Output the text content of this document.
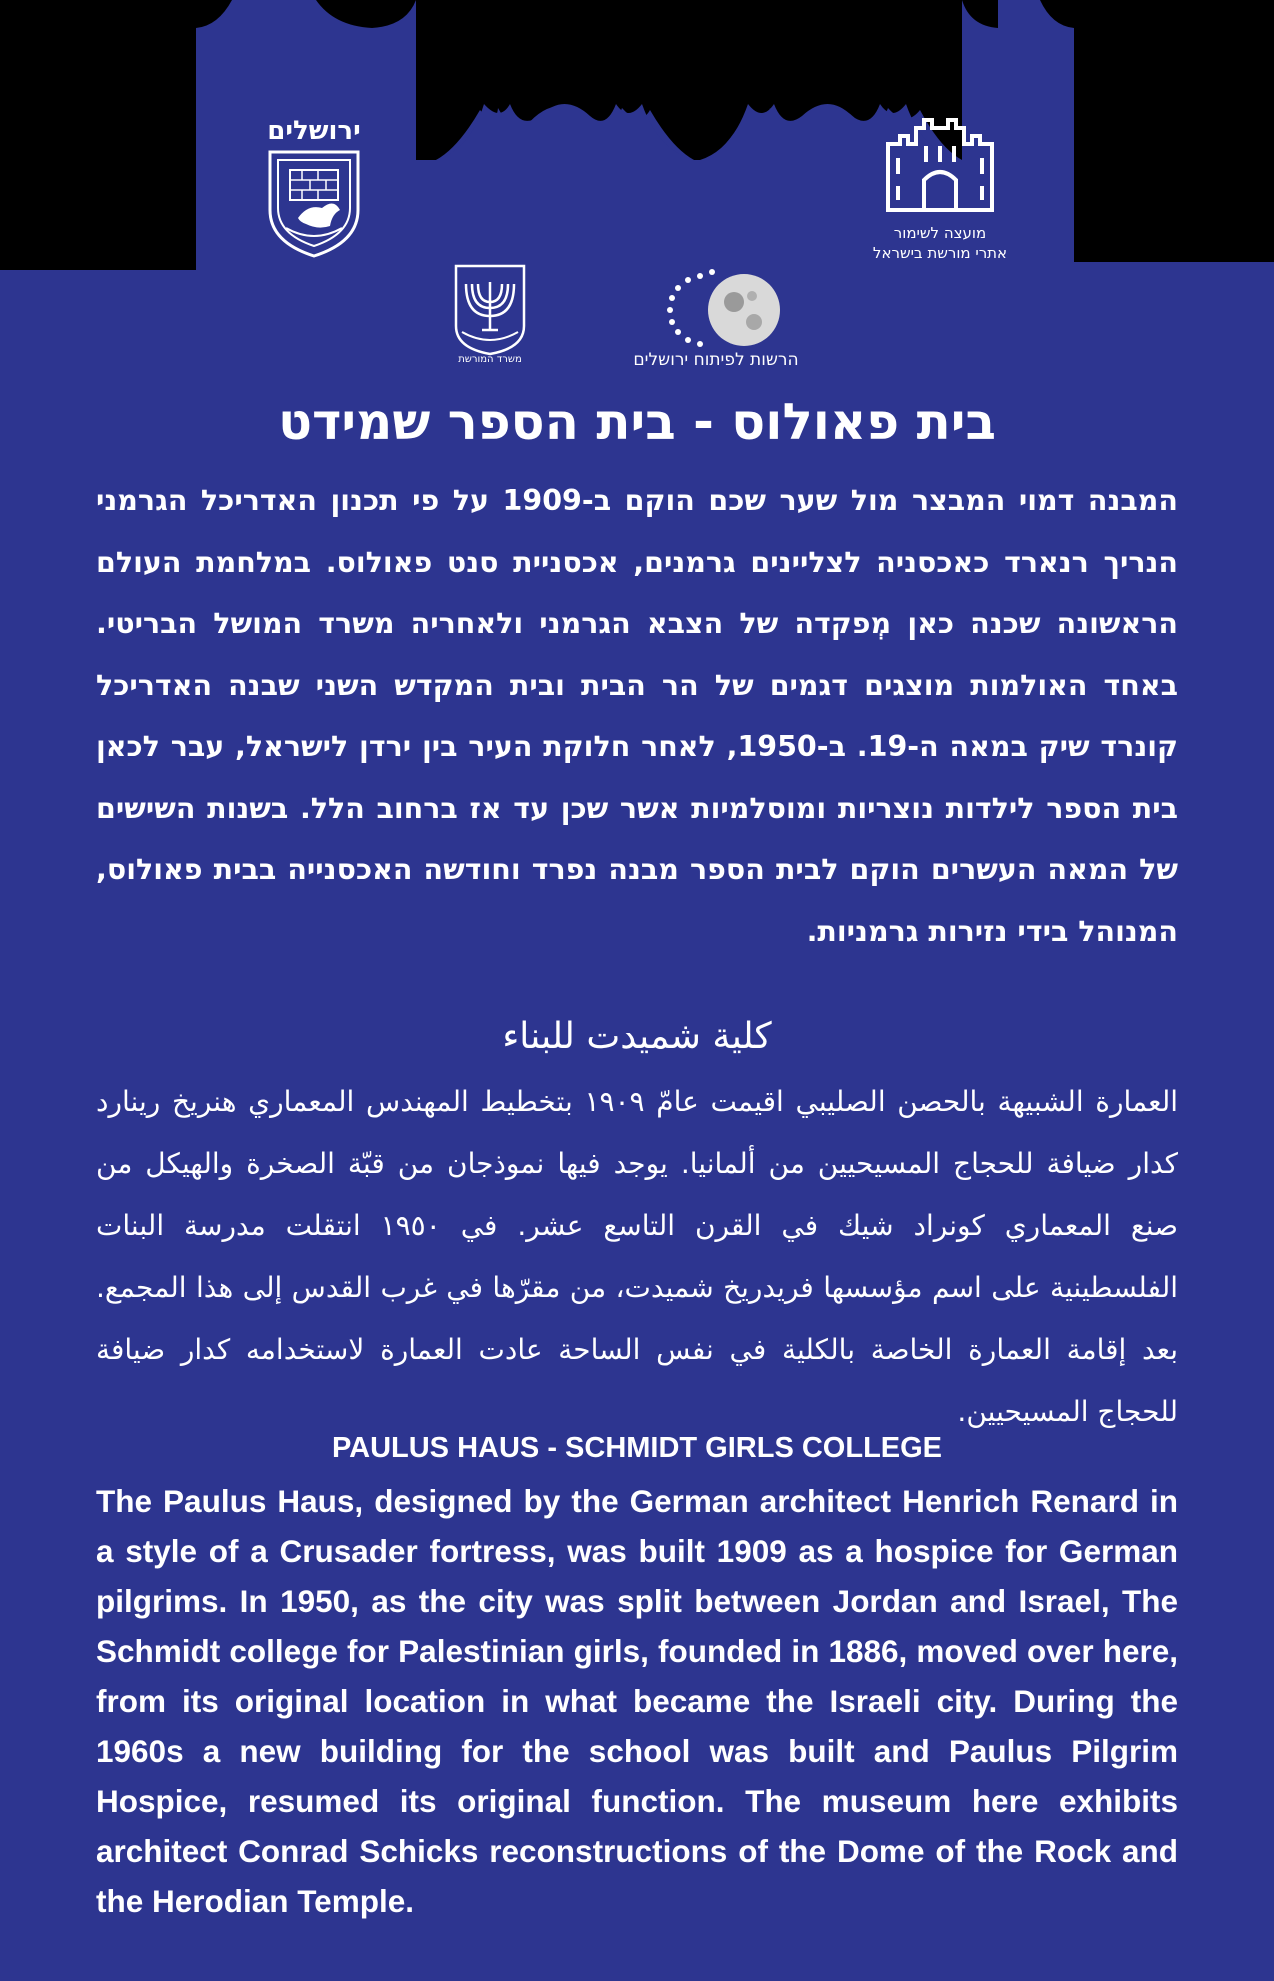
ירושלים
מועצה לשימור
אתרי מורשת בישראל
משרד המורשת	הרשות לפיתוח ירושלים
בית פאולוס - בית הספר שמידט
המבנה דמוי המבצר מול שער שכם הוקם ב-1909 על פי תכנון האדריכל הגרמני הנריך רנארד כאכסניה לצליינים גרמנים, אכסניית סנט פאולוס. במלחמת העולם הראשונה שכנה כאן מְפקדה של הצבא הגרמני ולאחריה משרד המושל הבריטי. באחד האולמות מוצגים דגמים של הר הבית ובית המקדש השני שבנה האדריכל קונרד שיק במאה ה-19. ב-1950, לאחר חלוקת העיר בין ירדן לישראל, עבר לכאן בית הספר לילדות נוצריות ומוסלמיות אשר שכן עד אז ברחוב הלל. בשנות השישים של המאה העשרים הוקם לבית הספר מבנה נפרד וחודשה האכסנייה בבית פאולוס, המנוהל בידי נזירות גרמניות.
كلية شميدت للبناء
العمارة الشبيهة بالحصن الصليبي اقيمت عامّ ١٩٠٩ بتخطيط المهندس المعماري هنريخ رينارد كدار ضيافة للحجاج المسيحيين من ألمانيا. يوجد فيها نموذجان من قبّة الصخرة والهيكل من صنع المعماري كونراد شيك في القرن التاسع عشر. في ١٩٥٠ انتقلت مدرسة البنات الفلسطينية على اسم مؤسسها فريدريخ شميدت، من مقرّها في غرب القدس إلى هذا المجمع. بعد إقامة العمارة الخاصة بالكلية في نفس الساحة عادت العمارة لاستخدامه كدار ضيافة للحجاج المسيحيين.
PAULUS HAUS - SCHMIDT GIRLS COLLEGE
The Paulus Haus, designed by the German architect Henrich Renard in a style of a Crusader fortress, was built 1909 as a hospice for German pilgrims. In 1950, as the city was split between Jordan and Israel, The Schmidt college for Palestinian girls, founded in 1886, moved over here, from its original location in what became the Israeli city. During the 1960s a new building for the school was built and Paulus Pilgrim Hospice, resumed its original function. The museum here exhibits architect Conrad Schicks reconstructions of the Dome of the Rock and the Herodian Temple.
